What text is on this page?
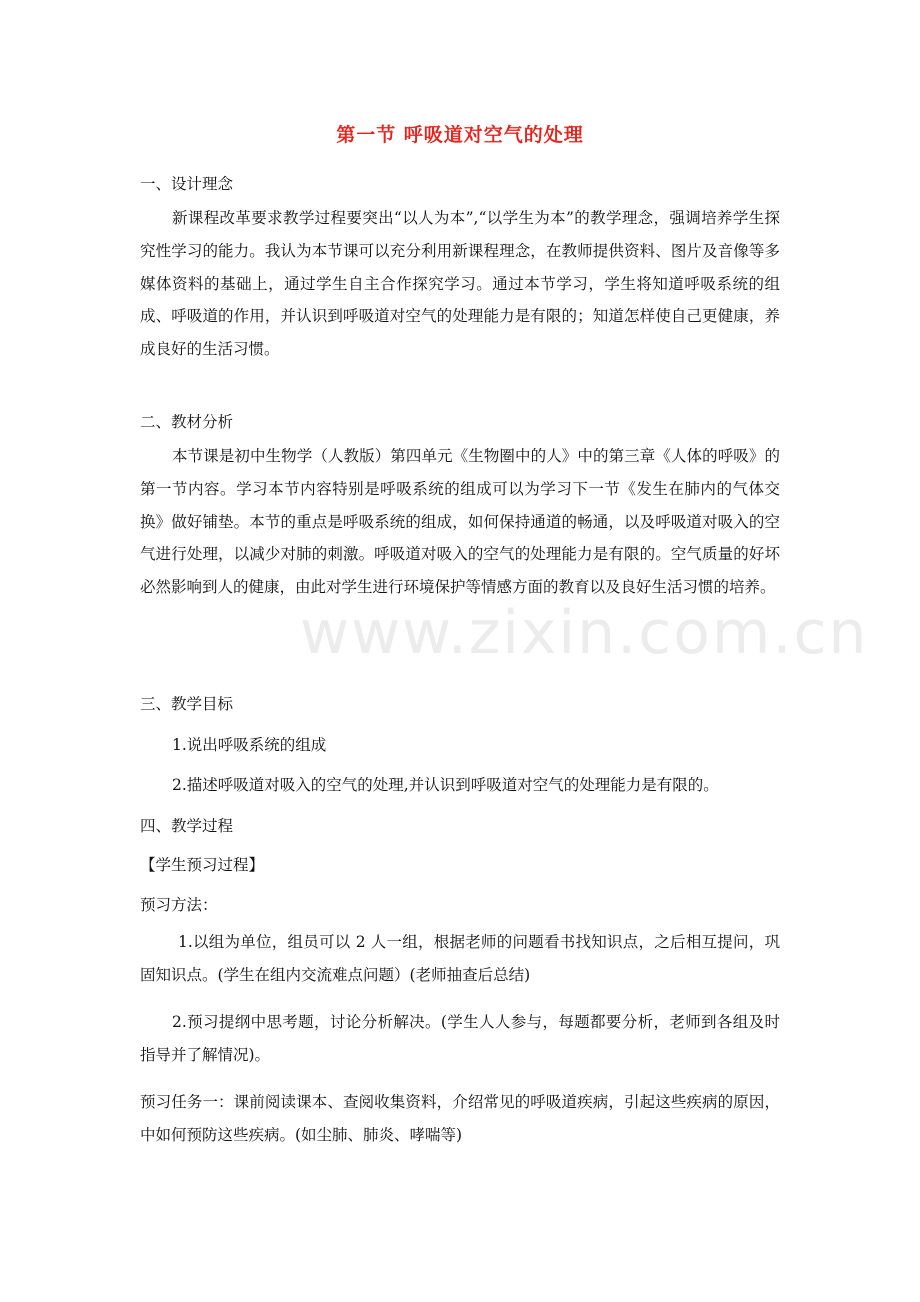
第一节 呼吸道对空气的处理
一、设计理念
新课程改革要求教学过程要突出“以人为本”,“以学生为本”的教学理念，强调培养学生探究性学习的能力。我认为本节课可以充分利用新课程理念，在教师提供资料、图片及音像等多媒体资料的基础上，通过学生自主合作探究学习。通过本节学习，学生将知道呼吸系统的组成、呼吸道的作用，并认识到呼吸道对空气的处理能力是有限的；知道怎样使自己更健康，养成良好的生活习惯。
二、教材分析
本节课是初中生物学（人教版）第四单元《生物圈中的人》中的第三章《人体的呼吸》的第一节内容。学习本节内容特别是呼吸系统的组成可以为学习下一节《发生在肺内的气体交换》做好铺垫。本节的重点是呼吸系统的组成，如何保持通道的畅通，以及呼吸道对吸入的空气进行处理，以减少对肺的刺激。呼吸道对吸入的空气的处理能力是有限的。空气质量的好坏必然影响到人的健康，由此对学生进行环境保护等情感方面的教育以及良好生活习惯的培养。
三、教学目标
1.说出呼吸系统的组成
2.描述呼吸道对吸入的空气的处理,并认识到呼吸道对空气的处理能力是有限的。
四、教学过程
【学生预习过程】
预习方法：
1.以组为单位，组员可以 2 人一组，根据老师的问题看书找知识点，之后相互提问，巩固知识点。(学生在组内交流难点问题）(老师抽查后总结)
2.预习提纲中思考题，讨论分析解决。(学生人人参与，每题都要分析，老师到各组及时指导并了解情况)。
预习任务一：课前阅读课本、查阅收集资料，介绍常见的呼吸道疾病，引起这些疾病的原因，中如何预防这些疾病。(如尘肺、肺炎、哮喘等)
www.zixin.com.cn
